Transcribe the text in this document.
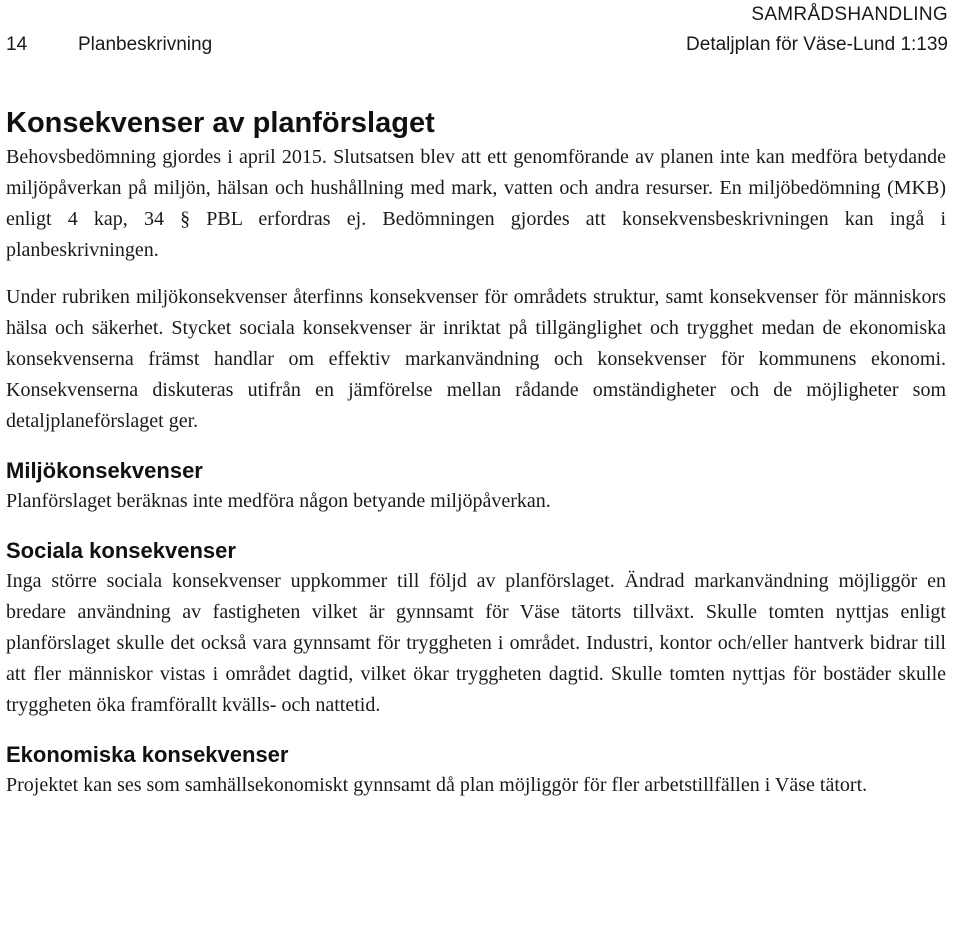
SAMRÅDSHANDLING
14	Planbeskrivning	Detaljplan för Väse-Lund 1:139
Konsekvenser av planförslaget

Behovsbedömning gjordes i april 2015. Slutsatsen blev att ett genomförande av planen inte kan medföra betydande miljöpåverkan på miljön, hälsan och hushållning med mark, vatten och andra resurser. En miljöbedömning (MKB) enligt 4 kap, 34 § PBL erfordras ej. Bedömningen gjordes att konsekvensbeskrivningen kan ingå i planbeskrivningen.

Under rubriken miljökonsekvenser återfinns konsekvenser för områdets struktur, samt konsekvenser för människors hälsa och säkerhet. Stycket sociala konsekvenser är inriktat på tillgänglighet och trygghet medan de ekonomiska konsekvenserna främst handlar om effektiv markanvändning och konsekvenser för kommunens ekonomi. Konsekvenserna diskuteras utifrån en jämförelse mellan rådande omständigheter och de möjligheter som detaljplaneförslaget ger.

Miljökonsekvenser

Planförslaget beräknas inte medföra någon betyande miljöpåverkan.

Sociala konsekvenser

Inga större sociala konsekvenser uppkommer till följd av planförslaget. Ändrad markanvändning möjliggör en bredare användning av fastigheten vilket är gynnsamt för Väse tätorts tillväxt. Skulle tomten nyttjas enligt planförslaget skulle det också vara gynnsamt för tryggheten i området. Industri, kontor och/eller hantverk bidrar till att fler människor vistas i området dagtid, vilket ökar tryggheten dagtid. Skulle tomten nyttjas för bostäder skulle tryggheten öka framförallt kvälls- och nattetid.

Ekonomiska konsekvenser

Projektet kan ses som samhällsekonomiskt gynnsamt då plan möjliggör för fler arbetstillfällen i Väse tätort.
